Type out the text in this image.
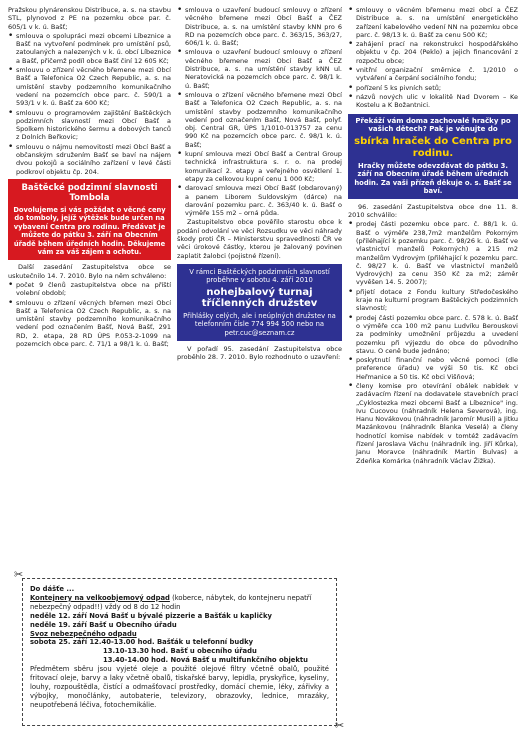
Pražskou plynárenskou Distribuce, a. s. na stavbu STL, plynovod z PE na pozemku obce par. č. 605/1 v k. ú. Bašť;

• smlouva o spolupráci mezi obcemi Líbeznice a Bašť na vytvoření podmínek pro umístění psů, zatoulaných a nalezených v k. ú. obcí Líbeznice a Bašť, přičemž podíl obce Bašť činí 12 605 Kč;

• smlouvu o zřízení věcného břemene mezi Obcí Bašť a Telefonica O2 Czech Republic, a. s. na umístění stavby podzemního komunikačního vedení na pozemcích obce parc. č. 590/1 a 593/1 v k. ú. Bašť za 600 Kč;

• smlouvu o programovém zajištění Baštěckých podzimních slavností mezi Obcí Bašť a Spolkem historického šermu a dobových tanců z Dolních Beřkovic;

• smlouvu o nájmu nemovitostí mezi Obcí Bašť a občanským sdružením Bašť se baví na nájem dvou pokojů a sociálního zařízení v levé části podkroví objektu čp. 204.

Baštěcké podzimní slavnosti Tombola
Dovolujeme si vás požádat o věcné ceny do tomboly, jejíž výtěžek bude určen na vybavení Centra pro rodinu. Předávat je můžete do pátku 3. září na Obecním úřadě během úředních hodin. Děkujeme vám za váš zájem a ochotu.

Další zasedání Zastupitelstva obce se uskutečnilo 14. 7. 2010. Bylo na něm schváleno:

• počet 9 členů zastupitelstva obce na příští volební období;

• smlouvu o zřízení věcných břemen mezi Obcí Bašť a Telefonica O2 Czech Republic, a. s. na umístění stavby podzemního komunikačního vedení pod označením Bašť, Nová Bašť, 291 RD, 2. etapa, 28 RD ÚPS P.053-2-1099 na pozemcích obce parc. č. 71/1 a 98/1 k. ú. Bašť;

• smlouva o uzavření budoucí smlouvy o zřízení věcného břemene mezi Obcí Bašť a ČEZ Distribuce, a. s. na umístění stavby kNN pro 6 RD na pozemcích obce parc. č. 363/15, 363/27, 606/1 k. ú. Bašť;

• smlouva o uzavření budoucí smlouvy o zřízení věcného břemene mezi Obcí Bašť a ČEZ Distribuce, a. s. na umístění stavby kNN ul. Neratovická na pozemcích obce parc. č. 98/1 k. ú. Bašť;

• smlouva o zřízení věcného břemene mezi Obcí Bašť a Telefonica O2 Czech Republic, a. s. na umístění stavby podzemního komunikačního vedení pod označením Bašť, Nová Bašť, polyf. obj. Central GR, ÚPS 1/1010-013757 za cenu 990 Kč na pozemcích obce parc. č. 98/1 k. ú. Bašť;

• kupní smlouva mezi Obcí Bašť a Central Group technická infrastruktura s. r. o. na prodej komunikací 2. etapy a veřejného osvětlení 1. etapy za celkovou kupní cenu 1 000 Kč;

• darovací smlouva mezi Obcí Bašť (obdarovaný) a panem Liborem Suldovským (dárce) na darování pozemku parc. č. 363/40 k. ú. Bašť o výměře 155 m2 – orná půda.

Zastupitelstvo obce pověřilo starostu obce k podání odvolání ve věci Rozsudku ve věci náhrady škody proti ČR – Ministerstvu spravedlnosti ČR ve věci úrokové částky, kterou je žalovaný povinen zaplatit žalobci (pojistné řízení).

V rámci Baštěckých podzimních slavností proběhne v sobotu 4. září 2010
nohejbalový turnaj tříčlenných družstev
Přihlášky celých, ale i neúplných družstev na telefonním čísle 774 994 500 nebo na petr.cuc@seznam.cz

V pořadí 95. zasedání Zastupitelstva obce proběhlo 28. 7. 2010. Bylo rozhodnuto o uzavření:

• smlouvy o věcném břemenu mezi obcí a ČEZ Distribuce a. s. na umístění energetického zařízení kabelového vedení NN na pozemku obce parc. č. 98/13 k. ú. Bašť za cenu 500 Kč;

• zahájení prací na rekonstrukci hospodářského objektu v čp. 204 (Peklo) a jejich financování z rozpočtu obce;

• vnitřní organizační směrnice č. 1/2010 o vytváření a čerpání sociálního fondu;

• pořízení 5 ks pivních setů;

• názvů nových ulic v lokalitě Nad Dvorem – Ke Kostelu a K Božantnici.

Překáží vám doma zachovalé hračky po vašich dětech? Pak je věnujte do
sbírka hraček do Centra pro rodinu.
Hračky můžete odevzdávat do pátku 3. září na Obecním úřadě během úředních hodin. Za vaši přízeň děkuje o. s. Bašť se baví.

96. zasedání Zastupitelstva obce dne 11. 8. 2010 schválilo:

• prodej části pozemku obce parc. č. 88/1 k. ú. Bašť o výměře 238,7m2 manželům Pokorným (přiléhající k pozemku parc. č. 98/26 k. ú. Bašť ve vlastnictví manželů Pokorných) a 215 m2 manželům Vydrovým (přiléhající k pozemku parc. č. 98/27 k. ú. Bašť ve vlastnictví manželů Vydrových) za cenu 350 Kč za m2; záměr vyvěšen 14. 5. 2007);

• přijetí dotace z Fondu kultury Středočeského kraje na kulturní program Baštěckých podzimních slavností;

• prodej části pozemku obce parc. č. 578 k. ú. Bašť o výměře cca 100 m2 panu Ludvíku Berouskovi za podmínky umožnění průjezdu a uvedení pozemku při výjezdu do obce do původního stavu. O ceně bude jednáno;

• poskytnutí finanční nebo věcné pomoci (dle preference úřadu) ve výši 50 tis. Kč obci Heřmanice a 50 tis. Kč obci Višňová;

• členy komise pro otevírání obálek nabídek v zadávacím řízení na dodavatele stavebních prací „Cyklostezka mezi obcemi Bašť a Líbeznice" ing. Ivu Cucovou (náhradník Helena Severová), ing. Hanu Novákovou (náhradník Jaromír Musil) a Jitku Mazánkovou (náhradník Blanka Veselá) a členy hodnotící komise nabídek v tomtéž zadávacím řízení Jaroslava Váchu (náhradník ing. Jiří Kůrka), Janu Moravce (náhradník Martin Bulvas) a Zdeňka Komárka (náhradník Václav Žižka).

✂
✂
Do dášťe ...
Kontejnery na velkoobjemový odpad (koberce, nábytek, do kontejneru nepatří nebezpečný odpad!!) vždy od 8 do 12 hodin
neděle 12. září Nová Bašť u bývalé pizzerie a Bašťák u kapličky
neděle 19. září Bašť u Obecního úřadu
Svoz nebezpečného odpadu
sobota 25. září 12.40-13.00 hod. Bašťák u telefonní budky
13.10-13.30 hod. Bašť u obecního úřadu
13.40-14.00 hod. Nová Bašť u multifunkčního objektu
Předmětem sběru jsou vyjeté oleje a použité olejové filtry včetně obalů, použité fritovací oleje, barvy a laky včetně obalů, tiskařské barvy, lepidla, pryskyřice, kyseliny, louhy, rozpouštědla, čistící a odmašťovací prostředky, domácí chemie, léky, zářivky a výbojky, monočlánky, autobaterie, televizory, obrazovky, lednice, mrazáky, neupotřebená léčiva, fotochemikálie.
